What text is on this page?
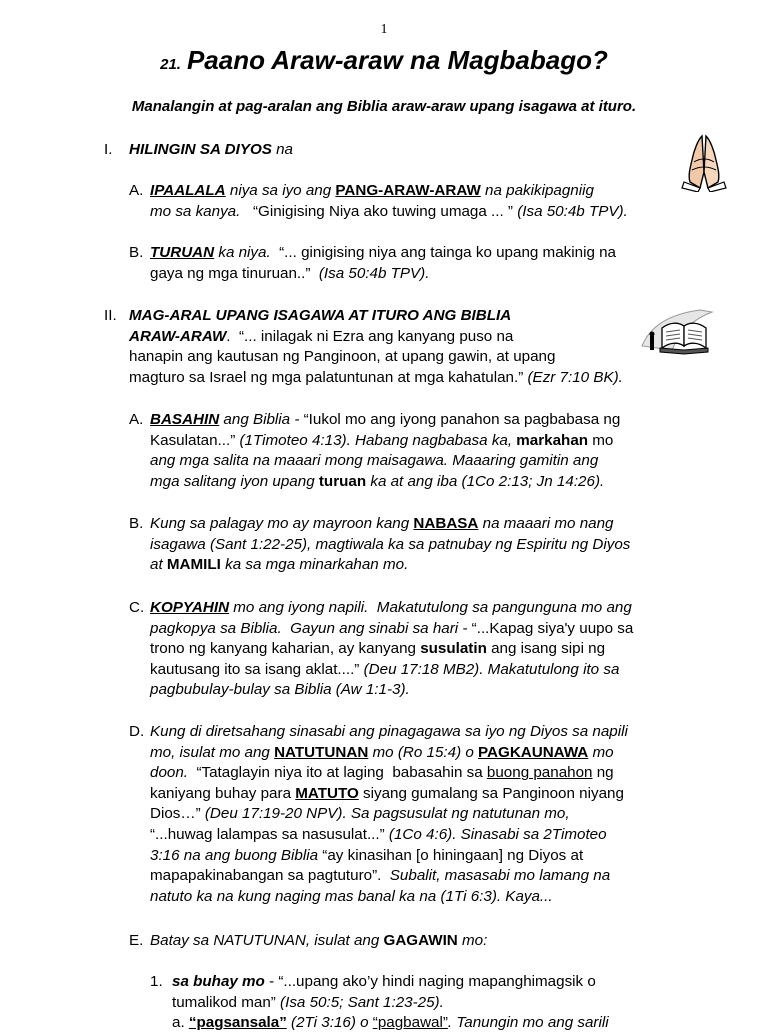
1
21. Paano Araw-araw na Magbabago?
Manalangin at pag-aralan ang Biblia araw-araw upang isagawa at ituro.
I. HILINGIN SA DIYOS na
A. IPAALALA niya sa iyo ang PANG-ARAW-ARAW na pakikipagniig
mo sa kanya.   “Ginigising Niya ako tuwing umaga ... ” (Isa 50:4b TPV).
B. TURUAN ka niya.  “... ginigising niya ang tainga ko upang makinig na
gaya ng mga tinuruan..”  (Isa 50:4b TPV).
II. MAG-ARAL UPANG ISAGAWA AT ITURO ANG BIBLIA
ARAW-ARAW.  “... inilagak ni Ezra ang kanyang puso na
hanapin ang kautusan ng Panginoon, at upang gawin, at upang
magturo sa Israel ng mga palatuntunan at mga kahatulan.” (Ezr 7:10 BK).
A. BASAHIN ang Biblia - “Iukol mo ang iyong panahon sa pagbabasa ng
Kasulatan...” (1Timoteo 4:13). Habang nagbabasa ka, markahan mo
ang mga salita na maaari mong maisagawa. Maaaring gamitin ang
mga salitang iyon upang turuan ka at ang iba (1Co 2:13; Jn 14:26).
B. Kung sa palagay mo ay mayroon kang NABASA na maaari mo nang
isagawa (Sant 1:22-25), magtiwala ka sa patnubay ng Espiritu ng Diyos
at MAMILI ka sa mga minarkahan mo.
C. KOPYAHIN mo ang iyong napili.  Makatutulong sa pangunguna mo ang
pagkopya sa Biblia.  Gayun ang sinabi sa hari - “...Kapag siya'y uupo sa
trono ng kanyang kaharian, ay kanyang susulatin ang isang sipi ng
kautusang ito sa isang aklat....” (Deu 17:18 MB2). Makatutulong ito sa
pagbubulay-bulay sa Biblia (Aw 1:1-3).
D. Kung di diretsahang sinasabi ang pinagagawa sa iyo ng Diyos sa napili
mo, isulat mo ang NATUTUNAN mo (Ro 15:4) o PAGKAUNAWA mo
doon.  “Tataglayin niya ito at laging  babasahin sa buong panahon ng
kaniyang buhay para MATUTO siyang gumalang sa Panginoon niyang
Dios…” (Deu 17:19-20 NPV). Sa pagsusulat ng natutunan mo,
“...huwag lalampas sa nasusulat...” (1Co 4:6). Sinasabi sa 2Timoteo
3:16 na ang buong Biblia “ay kinasihan [o hiningaan] ng Diyos at
mapapakinabangan sa pagtuturo”.  Subalit, masasabi mo lamang na
natuto ka na kung naging mas banal ka na (1Ti 6:3). Kaya...
E. Batay sa NATUTUNAN, isulat ang GAGAWIN mo:
1. sa buhay mo - “...upang ako’y hindi naging mapanghimagsik o
tumalikod man” (Isa 50:5; Sant 1:23-25).
a. “pagsansala” (2Ti 3:16) o “pagbawal”. Tanungin mo ang sarili
